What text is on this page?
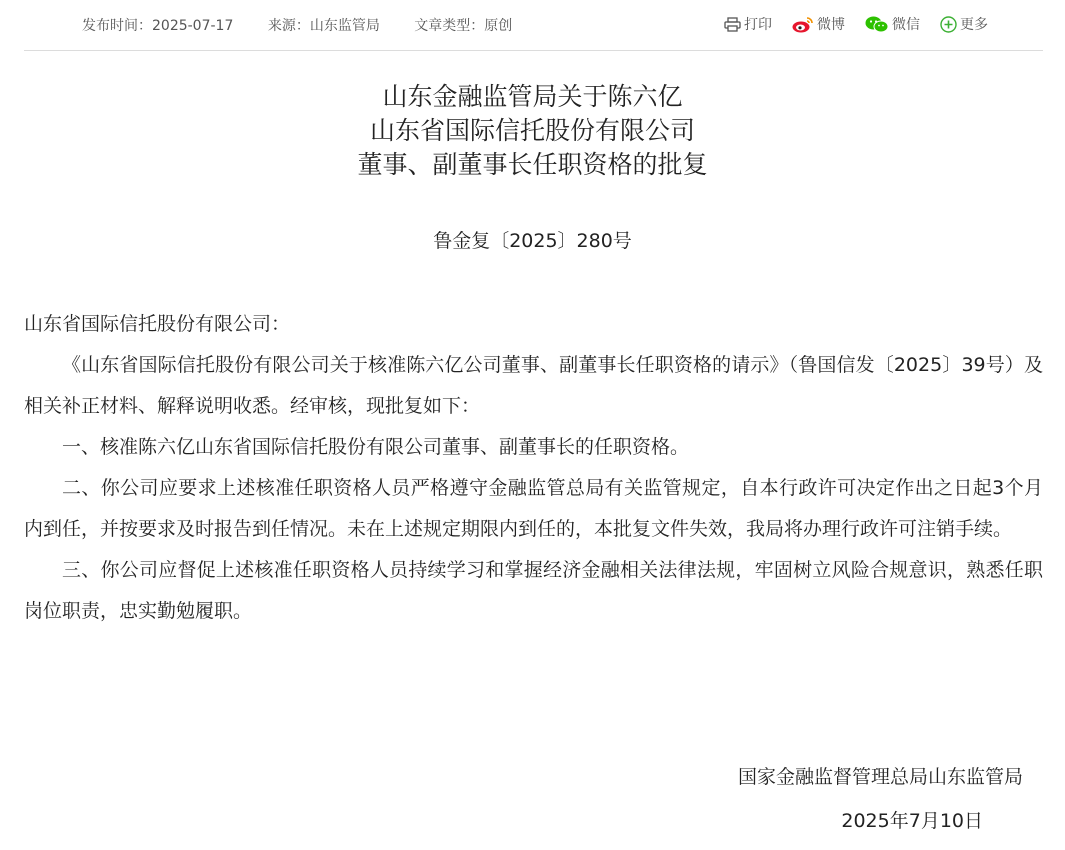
发布时间：2025-07-17 来源：山东监管局 文章类型：原创	打印	微博	微信	更多
山东金融监管局关于陈六亿
山东省国际信托股份有限公司
董事、副董事长任职资格的批复
鲁金复〔2025〕280号

山东省国际信托股份有限公司：

《山东省国际信托股份有限公司关于核准陈六亿公司董事、副董事长任职资格的请示》（鲁国信发〔2025〕39号）及相关补正材料、解释说明收悉。经审核，现批复如下：

一、核准陈六亿山东省国际信托股份有限公司董事、副董事长的任职资格。

二、你公司应要求上述核准任职资格人员严格遵守金融监管总局有关监管规定，自本行政许可决定作出之日起3个月内到任，并按要求及时报告到任情况。未在上述规定期限内到任的，本批复文件失效，我局将办理行政许可注销手续。

三、你公司应督促上述核准任职资格人员持续学习和掌握经济金融相关法律法规，牢固树立风险合规意识，熟悉任职岗位职责，忠实勤勉履职。

国家金融监督管理总局山东监管局
2025年7月10日
